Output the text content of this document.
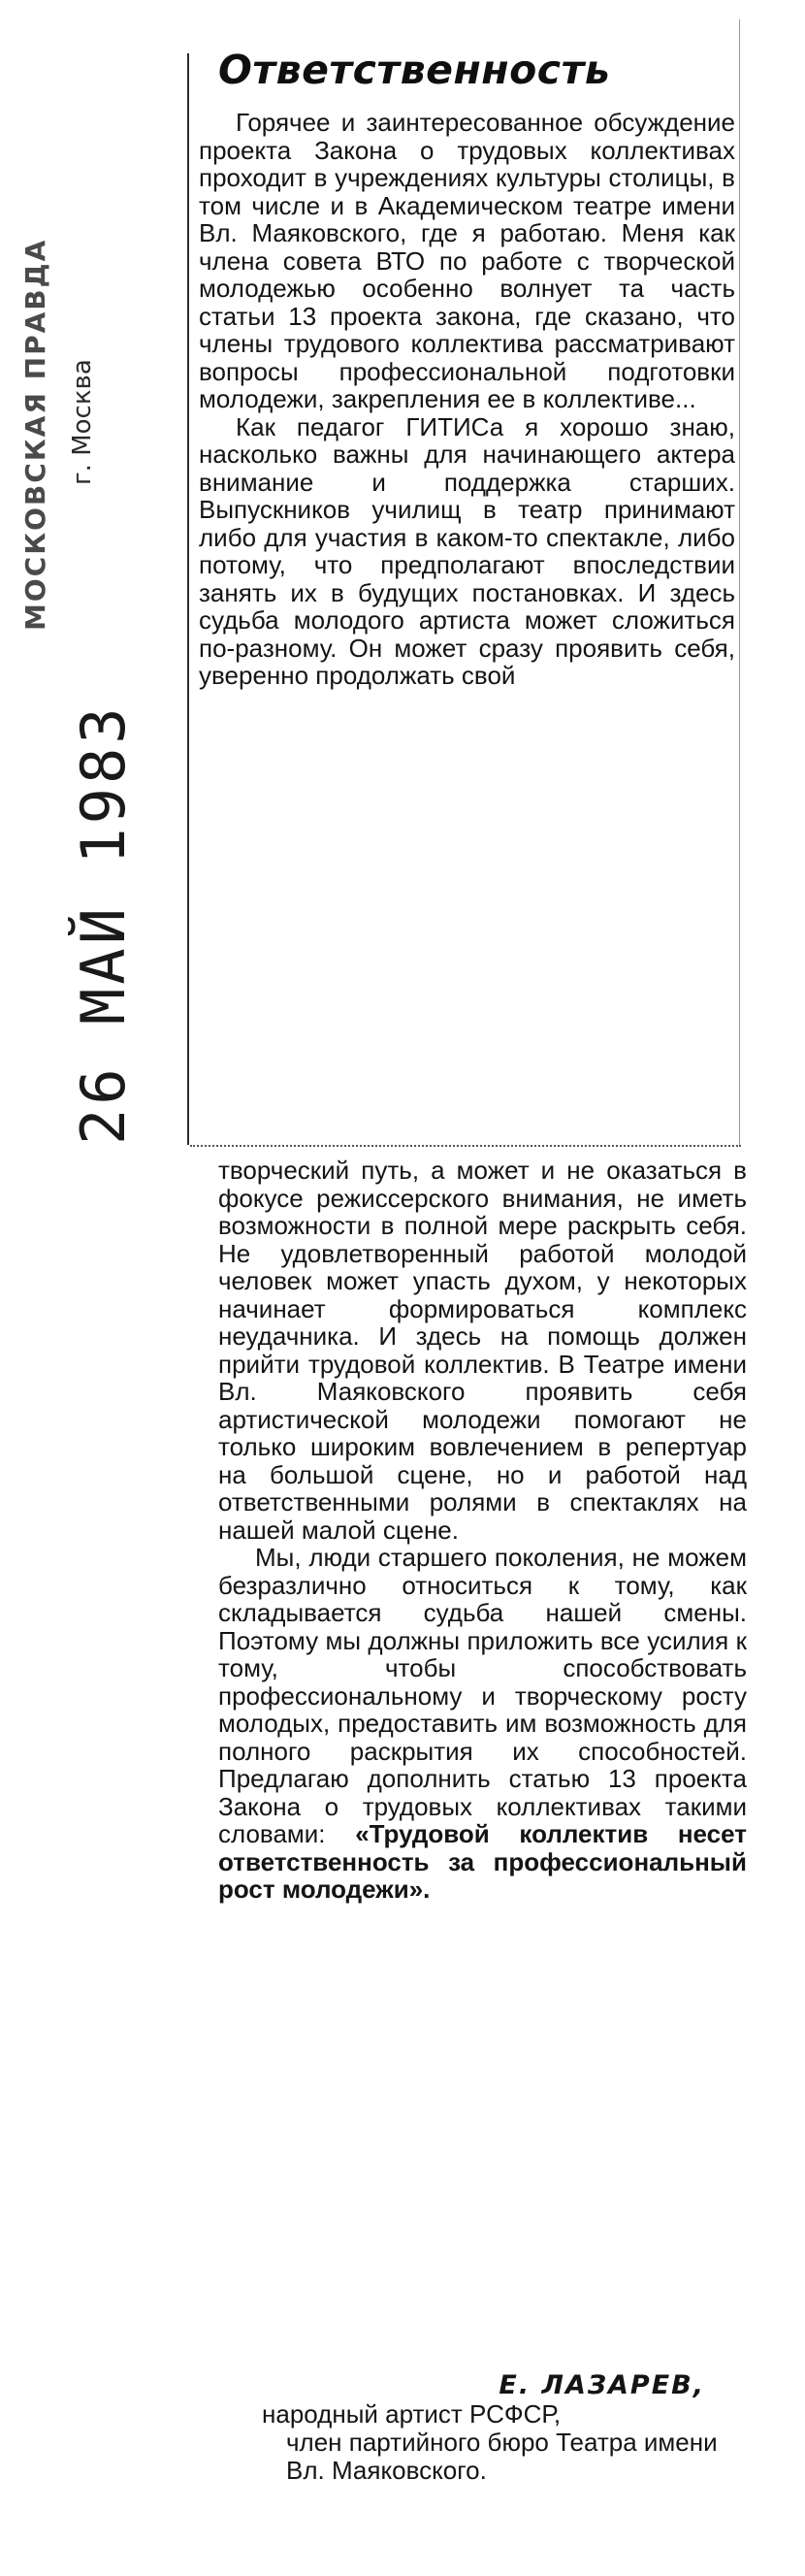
МОСКОВСКАЯ ПРАВДА г. Москва
26 МАЙ 1983
Ответственность

Горячее и заинтересованное обсуждение проекта Закона о трудовых коллективах проходит в учреждениях культуры столицы, в том числе и в Академическом театре имени Вл. Маяковского, где я работаю. Меня как члена совета ВТО по работе с творческой молодежью особенно волнует та часть статьи 13 проекта закона, где сказано, что члены трудового коллектива рассматривают вопросы профессиональной подготовки молодежи, закрепления ее в коллективе...

Как педагог ГИТИСа я хорошо знаю, насколько важны для начинающего актера внимание и поддержка старших. Выпускников училищ в театр принимают либо для участия в каком-то спектакле, либо потому, что предполагают впоследствии занять их в будущих постановках. И здесь судьба молодого артиста может сложиться по-разному. Он может сразу проявить себя, уверенно продолжать свой

творческий путь, а может и не оказаться в фокусе режиссерского внимания, не иметь возможности в полной мере раскрыть себя. Не удовлетворенный работой молодой человек может упасть духом, у некоторых начинает формироваться комплекс неудачника. И здесь на помощь должен прийти трудовой коллектив. В Театре имени Вл. Маяковского проявить себя артистической молодежи помогают не только широким вовлечением в репертуар на большой сцене, но и работой над ответственными ролями в спектаклях на нашей малой сцене.

Мы, люди старшего поколения, не можем безразлично относиться к тому, как складывается судьба нашей смены. Поэтому мы должны приложить все усилия к тому, чтобы способствовать профессиональному и творческому росту молодых, предоставить им возможность для полного раскрытия их способностей. Предлагаю дополнить статью 13 проекта Закона о трудовых коллективах такими словами: «Трудовой коллектив несет ответственность за профессиональный рост молодежи».

Е. ЛАЗАРЕВ,
народный артист РСФСР,
член партийного бюро Театра имени Вл. Маяковского.
